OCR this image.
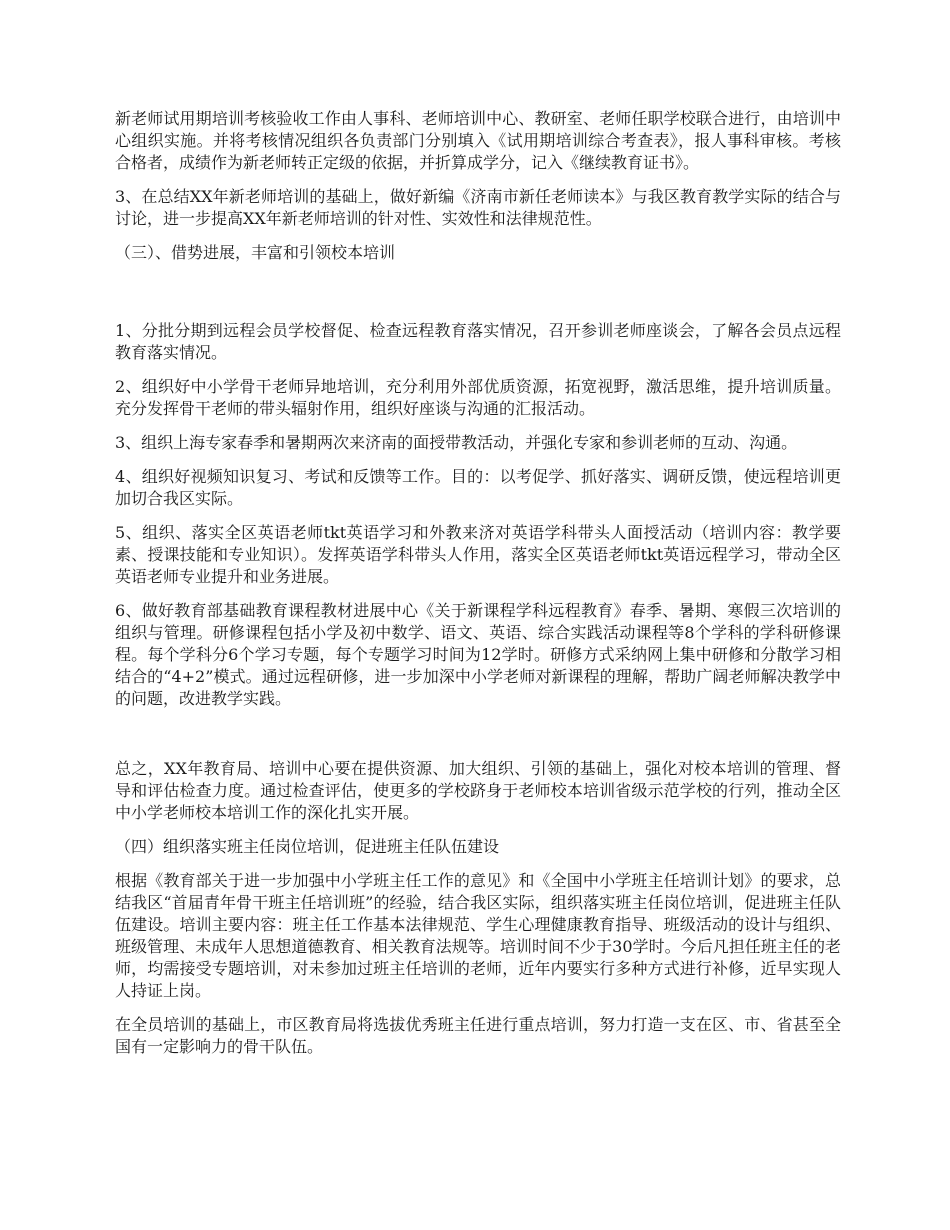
新老师试用期培训考核验收工作由人事科、老师培训中心、教研室、老师任职学校联合进行，由培训中心组织实施。并将考核情况组织各负责部门分别填入《试用期培训综合考查表》，报人事科审核。考核合格者，成绩作为新老师转正定级的依据，并折算成学分，记入《继续教育证书》。

3、在总结XX年新老师培训的基础上，做好新编《济南市新任老师读本》与我区教育教学实际的结合与讨论，进一步提高XX年新老师培训的针对性、实效性和法律规范性。

（三）、借势进展，丰富和引领校本培训

1、分批分期到远程会员学校督促、检查远程教育落实情况，召开参训老师座谈会，了解各会员点远程教育落实情况。

2、组织好中小学骨干老师异地培训，充分利用外部优质资源，拓宽视野，激活思维，提升培训质量。充分发挥骨干老师的带头辐射作用，组织好座谈与沟通的汇报活动。

3、组织上海专家春季和暑期两次来济南的面授带教活动，并强化专家和参训老师的互动、沟通。

4、组织好视频知识复习、考试和反馈等工作。目的：以考促学、抓好落实、调研反馈，使远程培训更加切合我区实际。

5、组织、落实全区英语老师tkt英语学习和外教来济对英语学科带头人面授活动（培训内容：教学要素、授课技能和专业知识）。发挥英语学科带头人作用，落实全区英语老师tkt英语远程学习，带动全区英语老师专业提升和业务进展。

6、做好教育部基础教育课程教材进展中心《关于新课程学科远程教育》春季、暑期、寒假三次培训的组织与管理。研修课程包括小学及初中数学、语文、英语、综合实践活动课程等8个学科的学科研修课程。每个学科分6个学习专题，每个专题学习时间为12学时。研修方式采纳网上集中研修和分散学习相结合的“4+2”模式。通过远程研修，进一步加深中小学老师对新课程的理解，帮助广阔老师解决教学中的问题，改进教学实践。

总之，XX年教育局、培训中心要在提供资源、加大组织、引领的基础上，强化对校本培训的管理、督导和评估检查力度。通过检查评估，使更多的学校跻身于老师校本培训省级示范学校的行列，推动全区中小学老师校本培训工作的深化扎实开展。

（四）组织落实班主任岗位培训，促进班主任队伍建设

根据《教育部关于进一步加强中小学班主任工作的意见》和《全国中小学班主任培训计划》的要求，总结我区“首届青年骨干班主任培训班”的经验，结合我区实际，组织落实班主任岗位培训，促进班主任队伍建设。培训主要内容：班主任工作基本法律规范、学生心理健康教育指导、班级活动的设计与组织、班级管理、未成年人思想道德教育、相关教育法规等。培训时间不少于30学时。今后凡担任班主任的老师，均需接受专题培训，对未参加过班主任培训的老师，近年内要实行多种方式进行补修，近早实现人人持证上岗。

在全员培训的基础上，市区教育局将选拔优秀班主任进行重点培训，努力打造一支在区、市、省甚至全国有一定影响力的骨干队伍。
